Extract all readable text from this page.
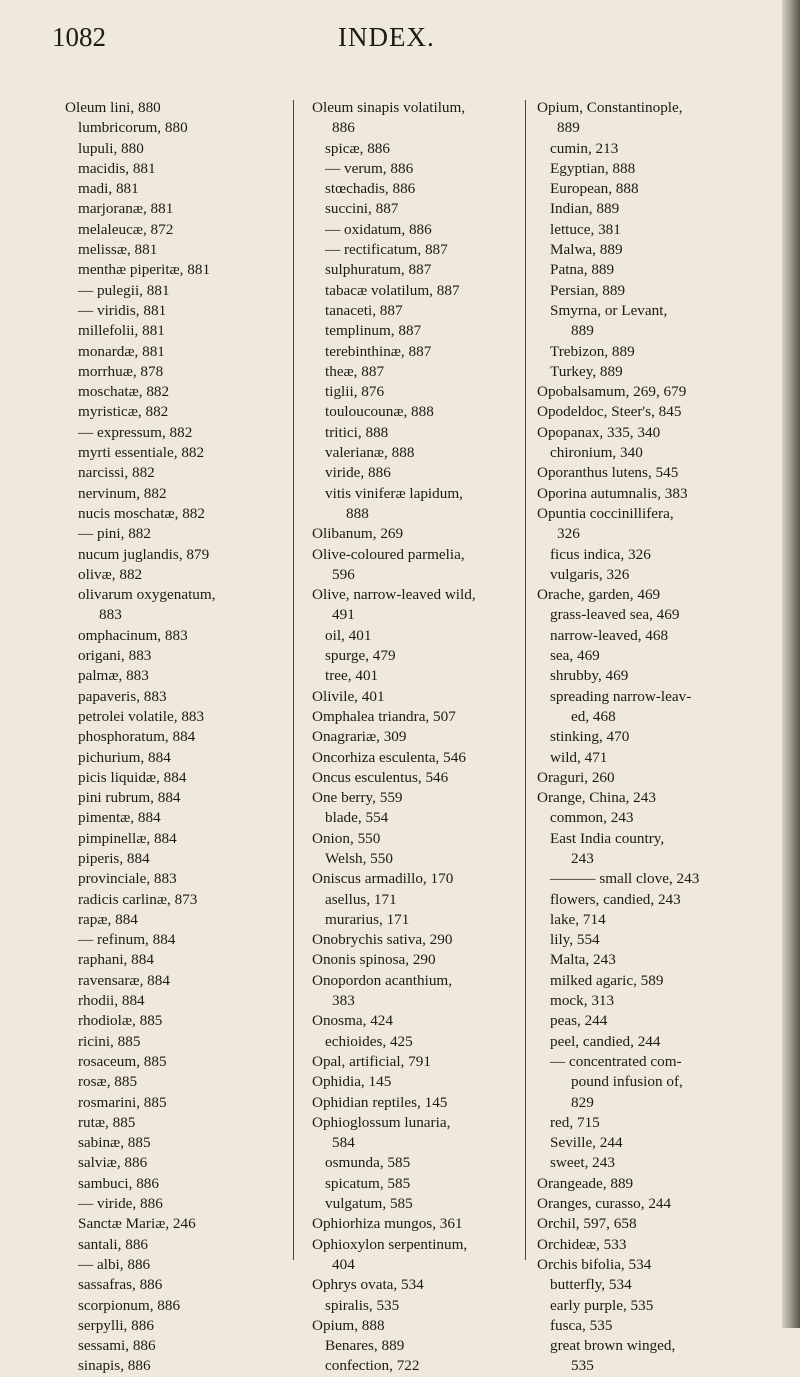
1082	INDEX.
Oleum lini, 880
lumbricorum, 880
lupuli, 880
macidis, 881
madi, 881
marjoranæ, 881
melaleucæ, 872
melissæ, 881
menthæ piperitæ, 881
— pulegii, 881
— viridis, 881
millefolii, 881
monardæ, 881
morrhuæ, 878
moschatæ, 882
myristicæ, 882
— expressum, 882
myrti essentiale, 882
narcissi, 882
nervinum, 882
nucis moschatæ, 882
— pini, 882
nucum juglandis, 879
olivæ, 882
olivarum oxygenatum,
883
omphacinum, 883
origani, 883
palmæ, 883
papaveris, 883
petrolei volatile, 883
phosphoratum, 884
pichurium, 884
picis liquidæ, 884
pini rubrum, 884
pimentæ, 884
pimpinellæ, 884
piperis, 884
provinciale, 883
radicis carlinæ, 873
rapæ, 884
— refinum, 884
raphani, 884
ravensaræ, 884
rhodii, 884
rhodiolæ, 885
ricini, 885
rosaceum, 885
rosæ, 885
rosmarini, 885
rutæ, 885
sabinæ, 885
salviæ, 886
sambuci, 886
— viride, 886
Sanctæ Mariæ, 246
santali, 886
— albi, 886
sassafras, 886
scorpionum, 886
serpylli, 886
sessami, 886
sinapis, 886
Oleum sinapis volatilum,
886
spicæ, 886
— verum, 886
stœchadis, 886
succini, 887
— oxidatum, 886
— rectificatum, 887
sulphuratum, 887
tabacæ volatilum, 887
tanaceti, 887
templinum, 887
terebinthinæ, 887
theæ, 887
tiglii, 876
touloucounæ, 888
tritici, 888
valerianæ, 888
viride, 886
vitis viniferæ lapidum,
888
Olibanum, 269
Olive-coloured parmelia,
596
Olive, narrow-leaved wild,
491
oil, 401
spurge, 479
tree, 401
Olivile, 401
Omphalea triandra, 507
Onagrariæ, 309
Oncorhiza esculenta, 546
Oncus esculentus, 546
One berry, 559
blade, 554
Onion, 550
Welsh, 550
Oniscus armadillo, 170
asellus, 171
murarius, 171
Onobrychis sativa, 290
Ononis spinosa, 290
Onopordon acanthium,
383
Onosma, 424
echioides, 425
Opal, artificial, 791
Ophidia, 145
Ophidian reptiles, 145
Ophioglossum lunaria,
584
osmunda, 585
spicatum, 585
vulgatum, 585
Ophiorhiza mungos, 361
Ophioxylon serpentinum,
404
Ophrys ovata, 534
spiralis, 535
Opium, 888
Benares, 889
confection, 722
Opium, Constantinople,
889
cumin, 213
Egyptian, 888
European, 888
Indian, 889
lettuce, 381
Malwa, 889
Patna, 889
Persian, 889
Smyrna, or Levant,
889
Trebizon, 889
Turkey, 889
Opobalsamum, 269, 679
Opodeldoc, Steer's, 845
Opopanax, 335, 340
chironium, 340
Oporanthus lutens, 545
Oporina autumnalis, 383
Opuntia coccinillifera,
326
ficus indica, 326
vulgaris, 326
Orache, garden, 469
grass-leaved sea, 469
narrow-leaved, 468
sea, 469
shrubby, 469
spreading narrow-leav-
ed, 468
stinking, 470
wild, 471
Oraguri, 260
Orange, China, 243
common, 243
East India country,
243
——— small clove, 243
flowers, candied, 243
lake, 714
lily, 554
Malta, 243
milked agaric, 589
mock, 313
peas, 244
peel, candied, 244
— concentrated com-
pound infusion of,
829
red, 715
Seville, 244
sweet, 243
Orangeade, 889
Oranges, curasso, 244
Orchil, 597, 658
Orchideæ, 533
Orchis bifolia, 534
butterfly, 534
early purple, 535
fusca, 535
great brown winged,
535
